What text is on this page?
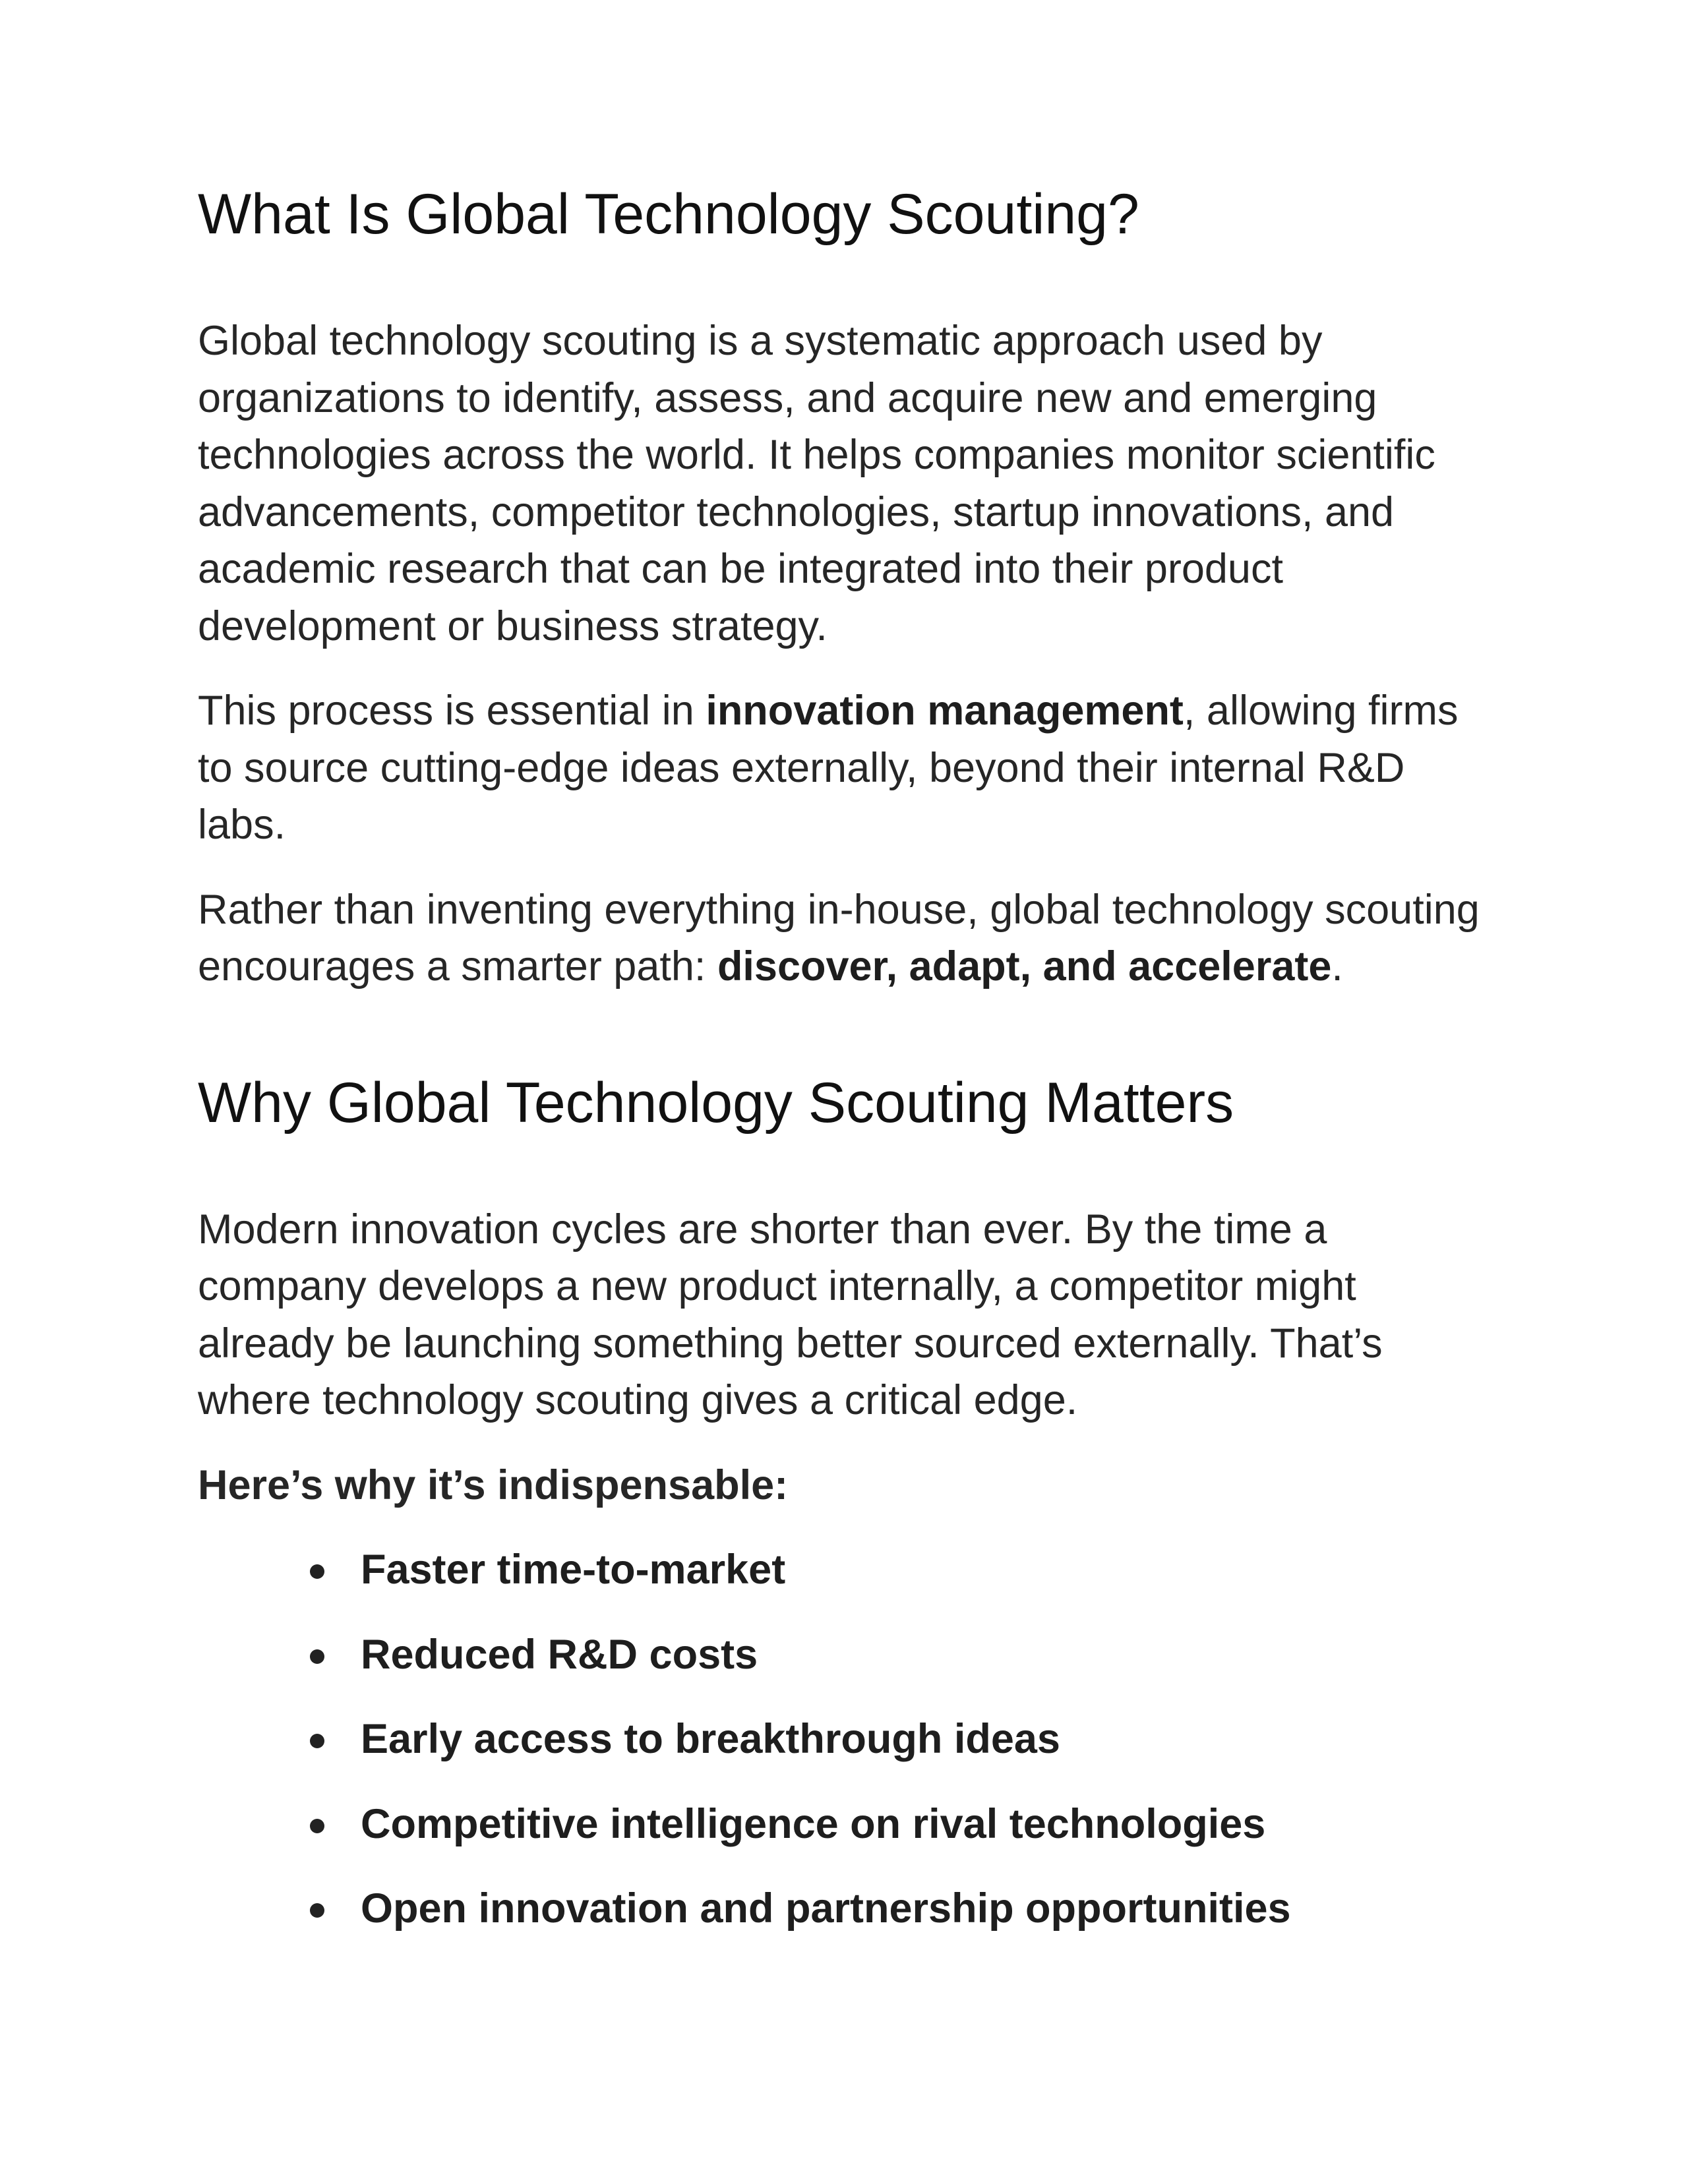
What Is Global Technology Scouting?

Global technology scouting is a systematic approach used by organizations to identify, assess, and acquire new and emerging technologies across the world. It helps companies monitor scientific advancements, competitor technologies, startup innovations, and academic research that can be integrated into their product development or business strategy.

This process is essential in innovation management, allowing firms to source cutting-edge ideas externally, beyond their internal R&D labs.

Rather than inventing everything in-house, global technology scouting encourages a smarter path: discover, adapt, and accelerate.

Why Global Technology Scouting Matters

Modern innovation cycles are shorter than ever. By the time a company develops a new product internally, a competitor might already be launching something better sourced externally. That’s where technology scouting gives a critical edge.

Here’s why it’s indispensable:

Faster time-to-market
Reduced R&D costs
Early access to breakthrough ideas
Competitive intelligence on rival technologies
Open innovation and partnership opportunities
